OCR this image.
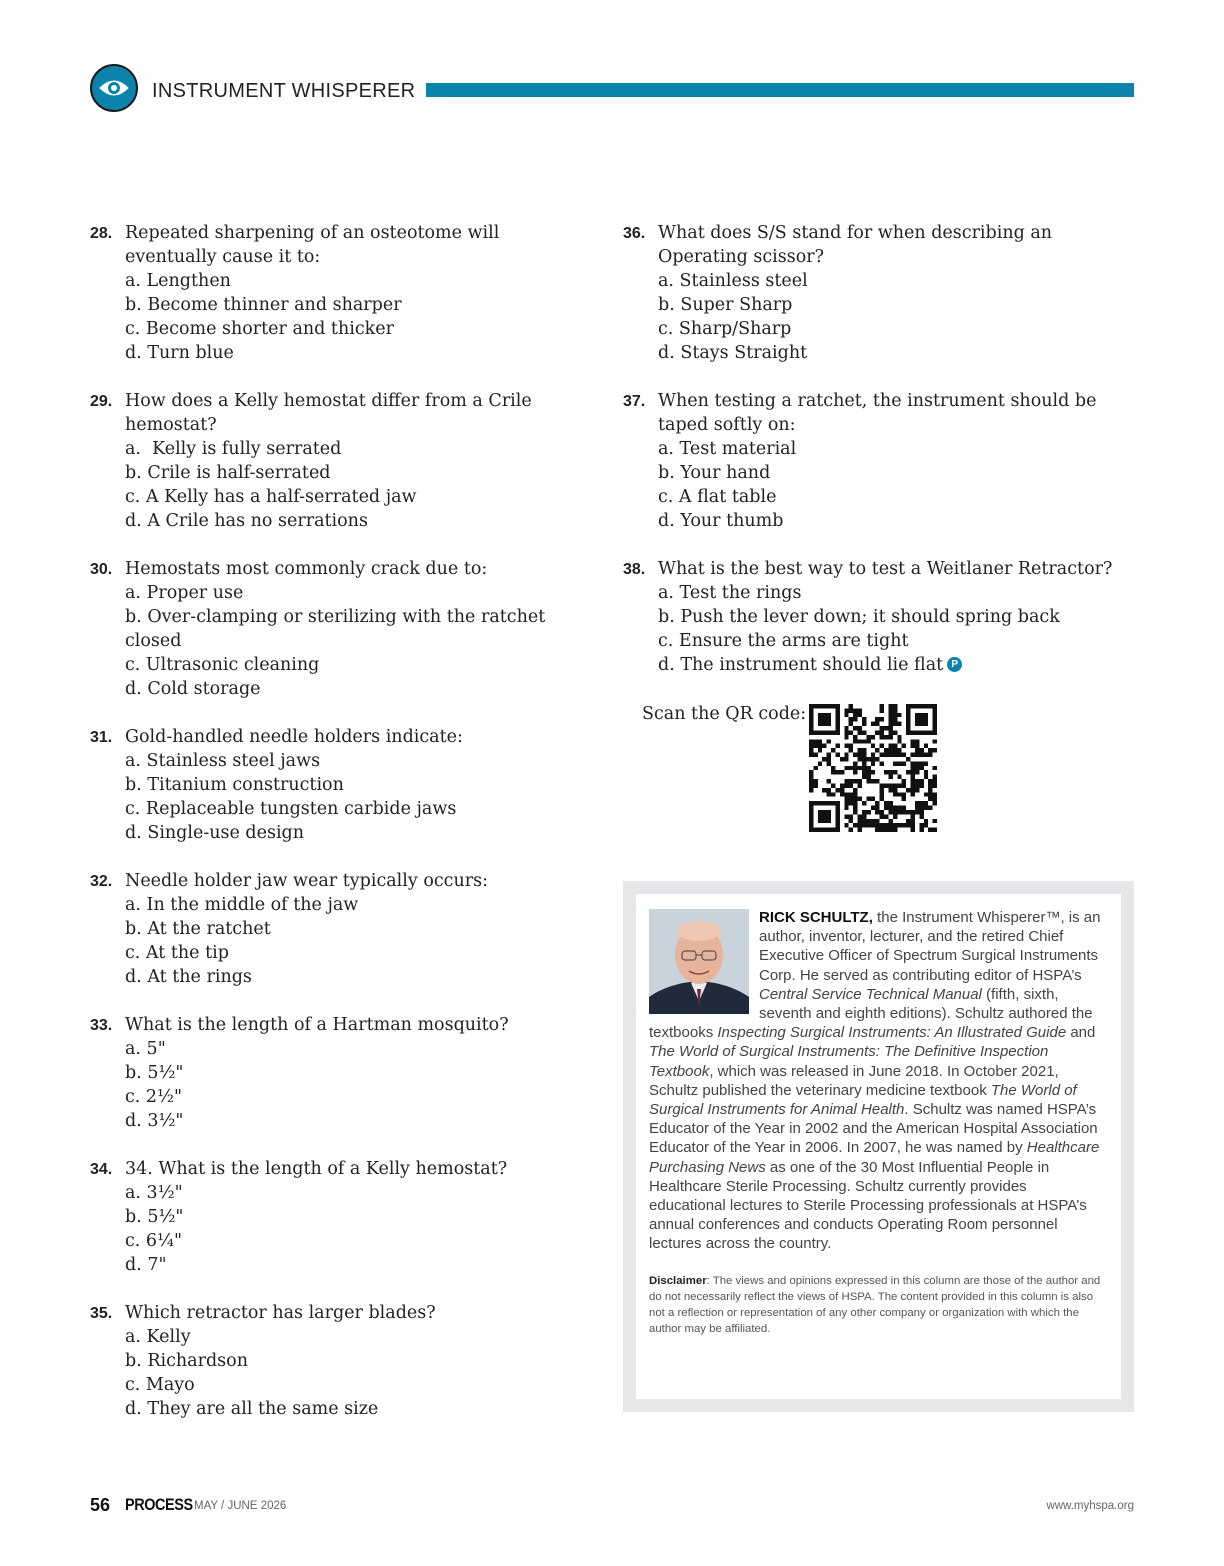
INSTRUMENT WHISPERER
28. Repeated sharpening of an osteotome will eventually cause it to:
a. Lengthen
b. Become thinner and sharper
c. Become shorter and thicker
d. Turn blue
29. How does a Kelly hemostat differ from a Crile hemostat?
a.  Kelly is fully serrated
b. Crile is half-serrated
c. A Kelly has a half-serrated jaw
d. A Crile has no serrations
30. Hemostats most commonly crack due to:
a. Proper use
b. Over-clamping or sterilizing with the ratchet closed
c. Ultrasonic cleaning
d. Cold storage
31. Gold-handled needle holders indicate:
a. Stainless steel jaws
b. Titanium construction
c. Replaceable tungsten carbide jaws
d. Single-use design
32. Needle holder jaw wear typically occurs:
a. In the middle of the jaw
b. At the ratchet
c. At the tip
d. At the rings
33. What is the length of a Hartman mosquito?
a. 5"
b. 5½"
c. 2½"
d. 3½"
34. 34. What is the length of a Kelly hemostat?
a. 3½"
b. 5½"
c. 6¼"
d. 7"
35. Which retractor has larger blades?
a. Kelly
b. Richardson
c. Mayo
d. They are all the same size
36. What does S/S stand for when describing an Operating scissor?
a. Stainless steel
b. Super Sharp
c. Sharp/Sharp
d. Stays Straight
37. When testing a ratchet, the instrument should be taped softly on:
a. Test material
b. Your hand
c. A flat table
d. Your thumb
38. What is the best way to test a Weitlaner Retractor?
a. Test the rings
b. Push the lever down; it should spring back
c. Ensure the arms are tight
d. The instrument should lie flat P
Scan the QR code:

RICK SCHULTZ, the Instrument Whisperer™, is an author, inventor, lecturer, and the retired Chief Executive Officer of Spectrum Surgical Instruments Corp. He served as contributing editor of HSPA’s Central Service Technical Manual (fifth, sixth, seventh and eighth editions). Schultz authored the textbooks Inspecting Surgical Instruments: An Illustrated Guide and The World of Surgical Instruments: The Definitive Inspection Textbook, which was released in June 2018. In October 2021, Schultz published the veterinary medicine textbook The World of Surgical Instruments for Animal Health. Schultz was named HSPA’s Educator of the Year in 2002 and the American Hospital Association Educator of the Year in 2006. In 2007, he was named by Healthcare Purchasing News as one of the 30 Most Influential People in Healthcare Sterile Processing. Schultz currently provides educational lectures to Sterile Processing professionals at HSPA’s annual conferences and conducts Operating Room personnel lectures across the country.

Disclaimer: The views and opinions expressed in this column are those of the author and do not necessarily reflect the views of HSPA. The content provided in this column is also not a reflection or representation of any other company or organization with which the author may be affiliated.

56 PROCESS MAY / JUNE 2026	www.myhspa.org
